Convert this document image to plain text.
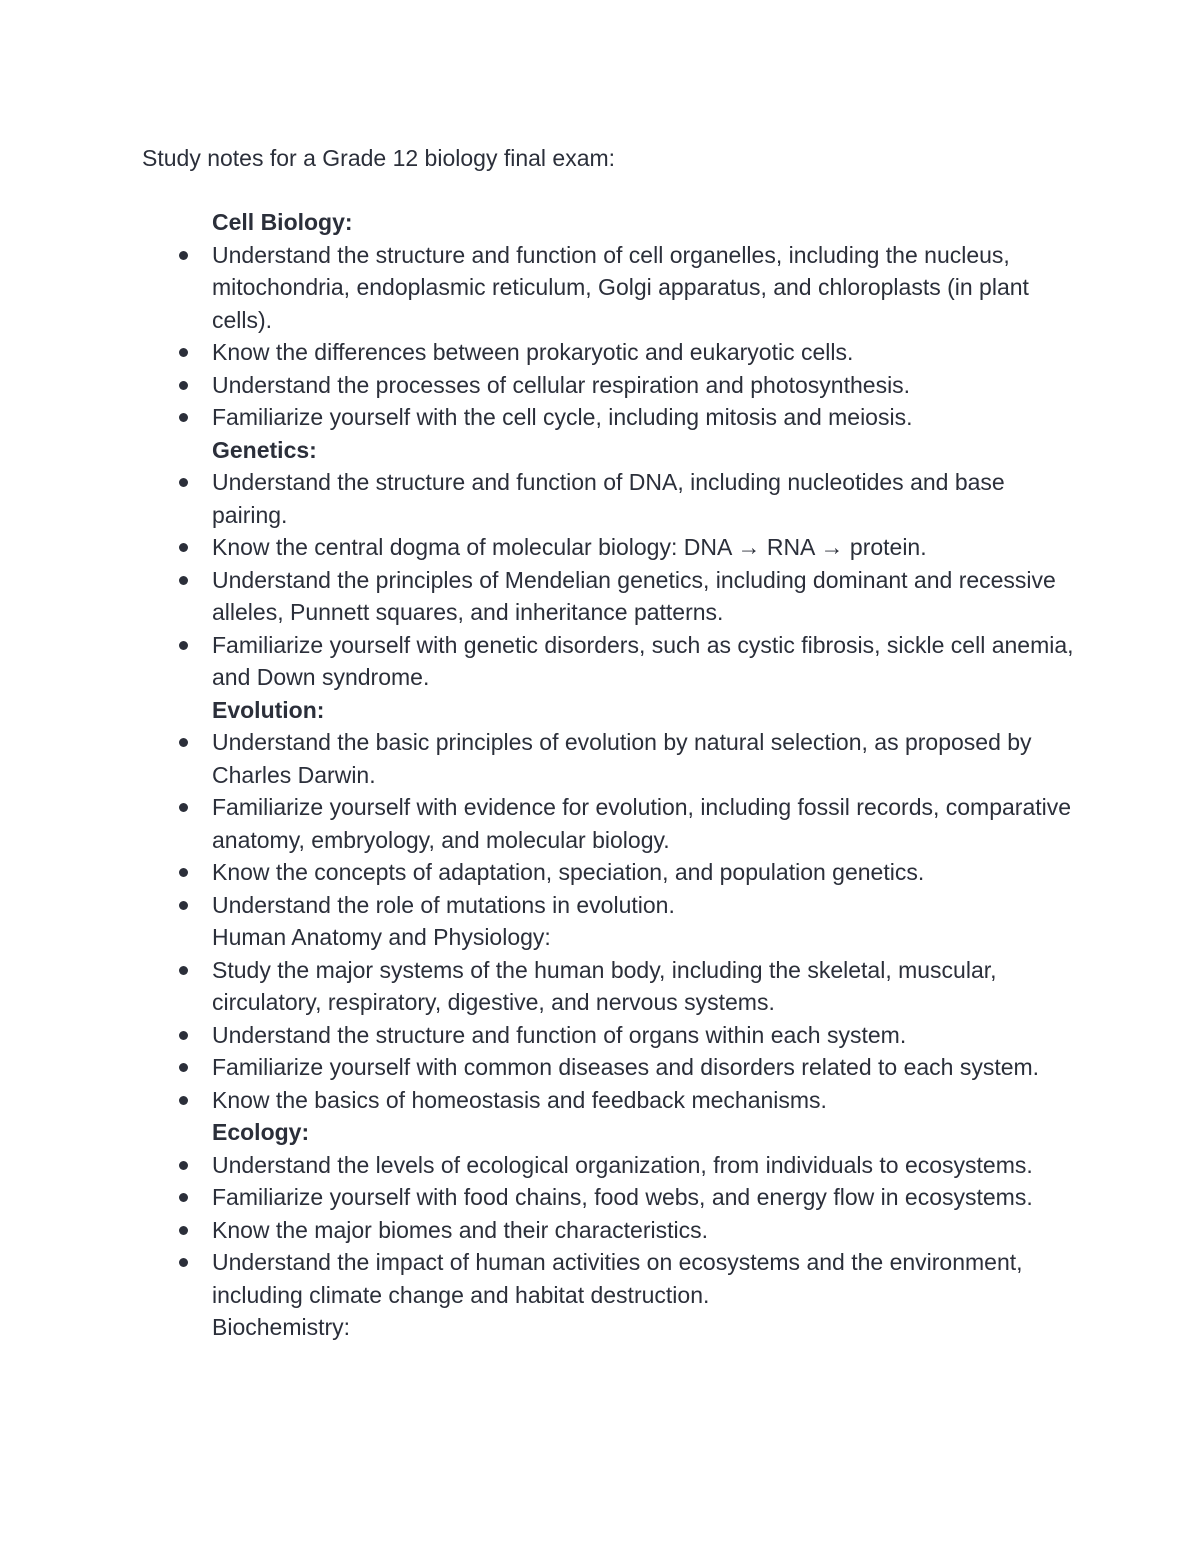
Study notes for a Grade 12 biology final exam:

Cell Biology:
Understand the structure and function of cell organelles, including the nucleus, mitochondria, endoplasmic reticulum, Golgi apparatus, and chloroplasts (in plant cells).
Know the differences between prokaryotic and eukaryotic cells.
Understand the processes of cellular respiration and photosynthesis.
Familiarize yourself with the cell cycle, including mitosis and meiosis.
Genetics:
Understand the structure and function of DNA, including nucleotides and base pairing.
Know the central dogma of molecular biology: DNA → RNA → protein.
Understand the principles of Mendelian genetics, including dominant and recessive alleles, Punnett squares, and inheritance patterns.
Familiarize yourself with genetic disorders, such as cystic fibrosis, sickle cell anemia, and Down syndrome.
Evolution:
Understand the basic principles of evolution by natural selection, as proposed by Charles Darwin.
Familiarize yourself with evidence for evolution, including fossil records, comparative anatomy, embryology, and molecular biology.
Know the concepts of adaptation, speciation, and population genetics.
Understand the role of mutations in evolution.
Human Anatomy and Physiology:
Study the major systems of the human body, including the skeletal, muscular, circulatory, respiratory, digestive, and nervous systems.
Understand the structure and function of organs within each system.
Familiarize yourself with common diseases and disorders related to each system.
Know the basics of homeostasis and feedback mechanisms.
Ecology:
Understand the levels of ecological organization, from individuals to ecosystems.
Familiarize yourself with food chains, food webs, and energy flow in ecosystems.
Know the major biomes and their characteristics.
Understand the impact of human activities on ecosystems and the environment, including climate change and habitat destruction.
Biochemistry:
